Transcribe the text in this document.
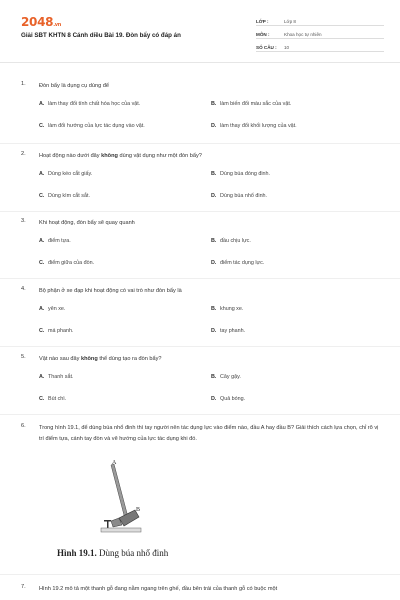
2048.vn
Giải SBT KHTN 8 Cánh diều Bài 19. Đòn bẩy có đáp án
LỚP :	Lớp 8
MÔN :	Khoa học tự nhiên
SỐ CÂU :	10
1. Đòn bẩy là dụng cụ dùng để
A. làm thay đổi tính chất hóa học của vật.	B. làm biến đổi màu sắc của vật.
C. làm đổi hướng của lực tác dụng vào vật.	D. làm thay đổi khối lượng của vật.
2. Hoạt động nào dưới đây không dùng vật dụng như một đòn bẩy?
A. Dùng kéo cắt giấy.	B. Dùng búa đóng đinh.
C. Dùng kìm cắt sắt.	D. Dùng búa nhổ đinh.
3. Khi hoạt động, đòn bẩy sẽ quay quanh
A. điểm tựa.	B. đầu chịu lực.
C. điểm giữa của đòn.	D. điểm tác dụng lực.
4. Bộ phận ở xe đạp khi hoạt động có vai trò như đòn bẩy là
A. yên xe.	B. khung xe.
C. má phanh.	D. tay phanh.
5. Vật nào sau đây không thể dùng tạo ra đòn bẩy?
A. Thanh sắt.	B. Cây gậy.
C. Bút chì.	D. Quả bóng.
6. Trong hình 19.1, để dùng búa nhổ đinh thì tay người nên tác dụng lực vào điểm nào, đầu A hay đầu B? Giải thích cách lựa chọn, chỉ rõ vị trí điểm tựa, cánh tay đòn và vẽ hướng của lực tác dụng khi đó.
A
B
Hình 19.1. Dùng búa nhổ đinh
7. Hình 19.2 mô tả một thanh gỗ đang nằm ngang trên ghế, đầu bên trái của thanh gỗ có buộc một
